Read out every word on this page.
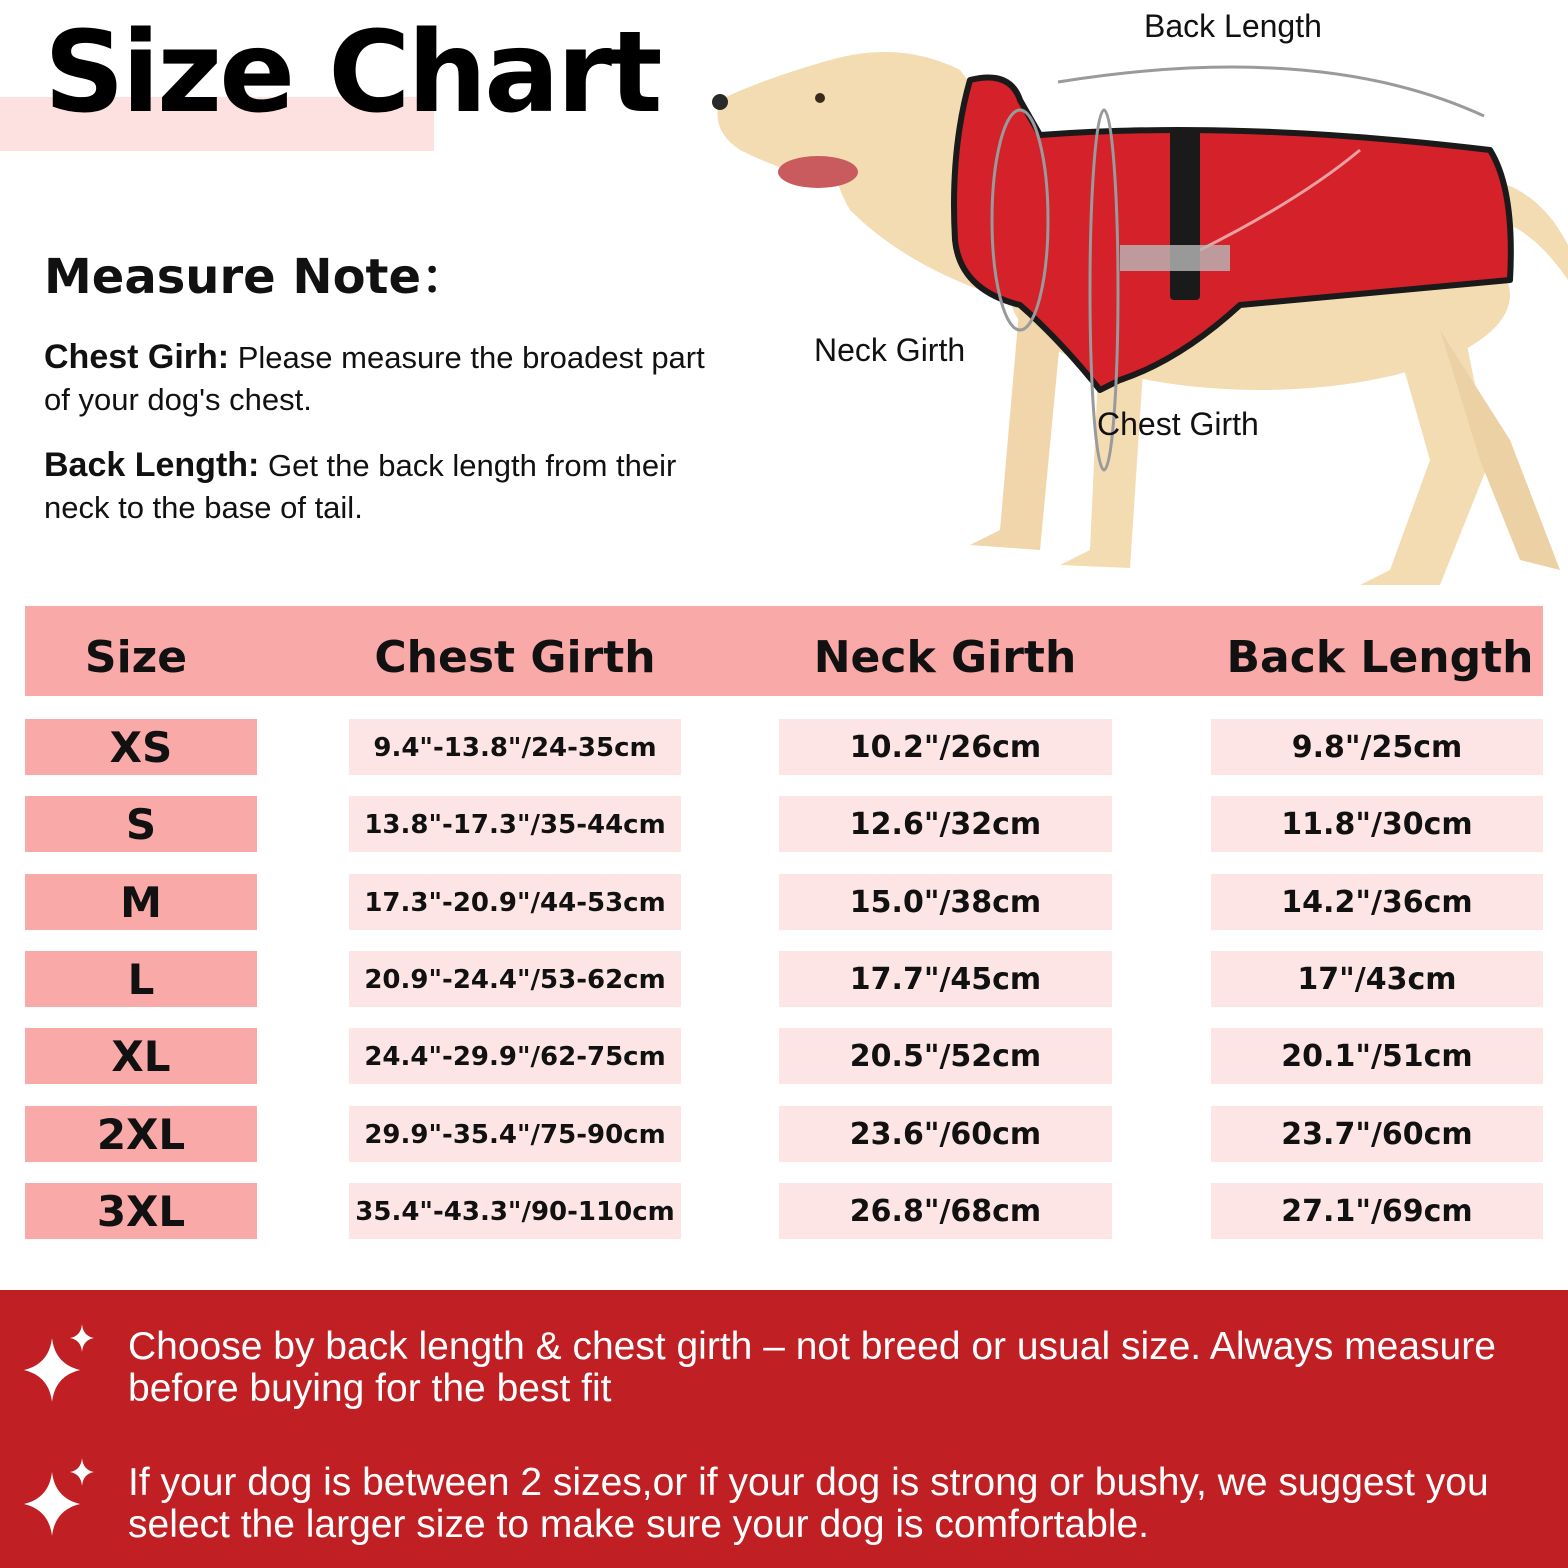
Size Chart
Measure Note：

Chest Girh: Please measure the broadest part of your dog's chest.

Back Length: Get the back length from their neck to the base of tail.

Back Length
Neck Girth
Chest Girth
Size	Chest Girth	Neck Girth	Back Length
XS	9.4"-13.8"/24-35cm	10.2"/26cm	9.8"/25cm
S	13.8"-17.3"/35-44cm	12.6"/32cm	11.8"/30cm
M	17.3"-20.9"/44-53cm	15.0"/38cm	14.2"/36cm
L	20.9"-24.4"/53-62cm	17.7"/45cm	17"/43cm
XL	24.4"-29.9"/62-75cm	20.5"/52cm	20.1"/51cm
2XL	29.9"-35.4"/75-90cm	23.6"/60cm	23.7"/60cm
3XL	35.4"-43.3"/90-110cm	26.8"/68cm	27.1"/69cm

Choose by back length & chest girth – not breed or usual size. Always measure before buying for the best fit

If your dog is between 2 sizes,or if your dog is strong or bushy, we suggest you select the larger size to make sure your dog is comfortable.
